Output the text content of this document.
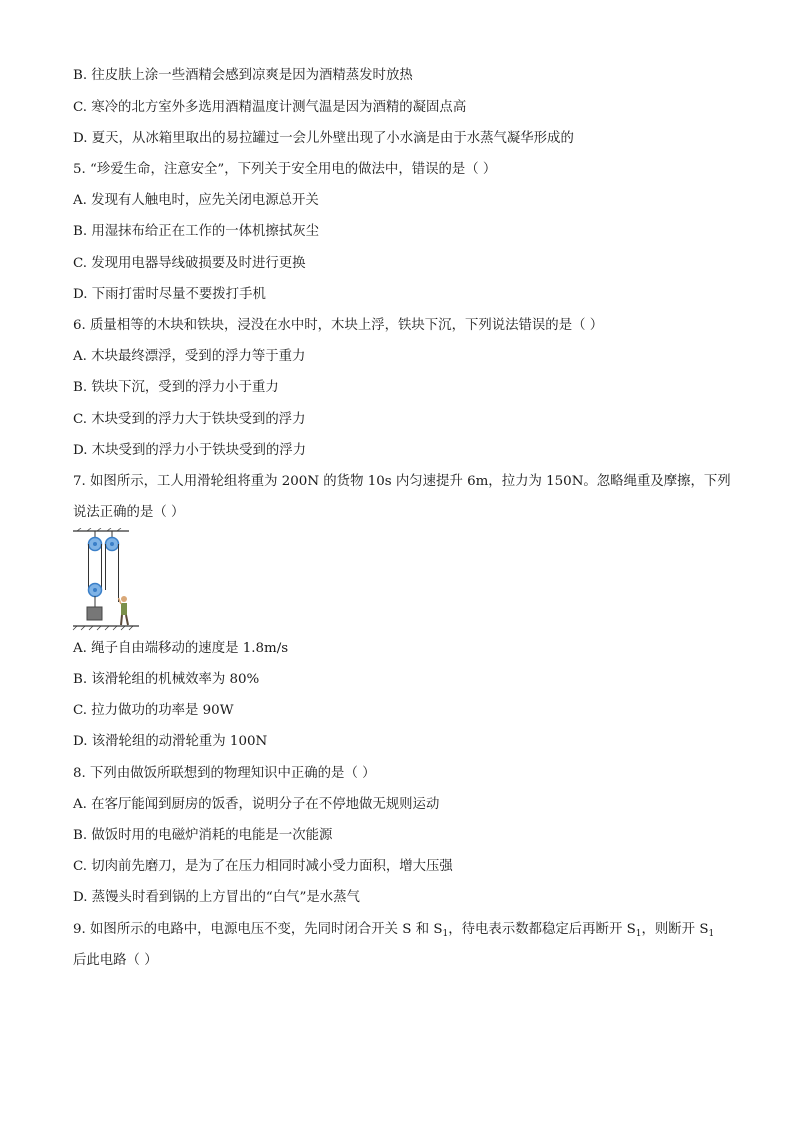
B. 往皮肤上涂一些酒精会感到凉爽是因为酒精蒸发时放热
C. 寒冷的北方室外多选用酒精温度计测气温是因为酒精的凝固点高
D. 夏天，从冰箱里取出的易拉罐过一会儿外壁出现了小水滴是由于水蒸气凝华形成的
5. “珍爱生命，注意安全”，下列关于安全用电的做法中，错误的是（ ）
A. 发现有人触电时，应先关闭电源总开关
B. 用湿抹布给正在工作的一体机擦拭灰尘
C. 发现用电器导线破损要及时进行更换
D. 下雨打雷时尽量不要拨打手机
6. 质量相等的木块和铁块，浸没在水中时，木块上浮，铁块下沉，下列说法错误的是（ ）
A. 木块最终漂浮，受到的浮力等于重力
B. 铁块下沉，受到的浮力小于重力
C. 木块受到的浮力大于铁块受到的浮力
D. 木块受到的浮力小于铁块受到的浮力
7. 如图所示，工人用滑轮组将重为 200N 的货物 10s 内匀速提升 6m，拉力为 150N。忽略绳重及摩擦，下列
说法正确的是（ ）
A. 绳子自由端移动的速度是 1.8m/s
B. 该滑轮组的机械效率为 80%
C. 拉力做功的功率是 90W
D. 该滑轮组的动滑轮重为 100N
8. 下列由做饭所联想到的物理知识中正确的是（ ）
A. 在客厅能闻到厨房的饭香，说明分子在不停地做无规则运动
B. 做饭时用的电磁炉消耗的电能是一次能源
C. 切肉前先磨刀，是为了在压力相同时减小受力面积，增大压强
D. 蒸馒头时看到锅的上方冒出的“白气”是水蒸气
9. 如图所示的电路中，电源电压不变，先同时闭合开关 S 和 $S_1$，待电表示数都稳定后再断开 $S_1$，则断开 $S_1$
后此电路（ ）
